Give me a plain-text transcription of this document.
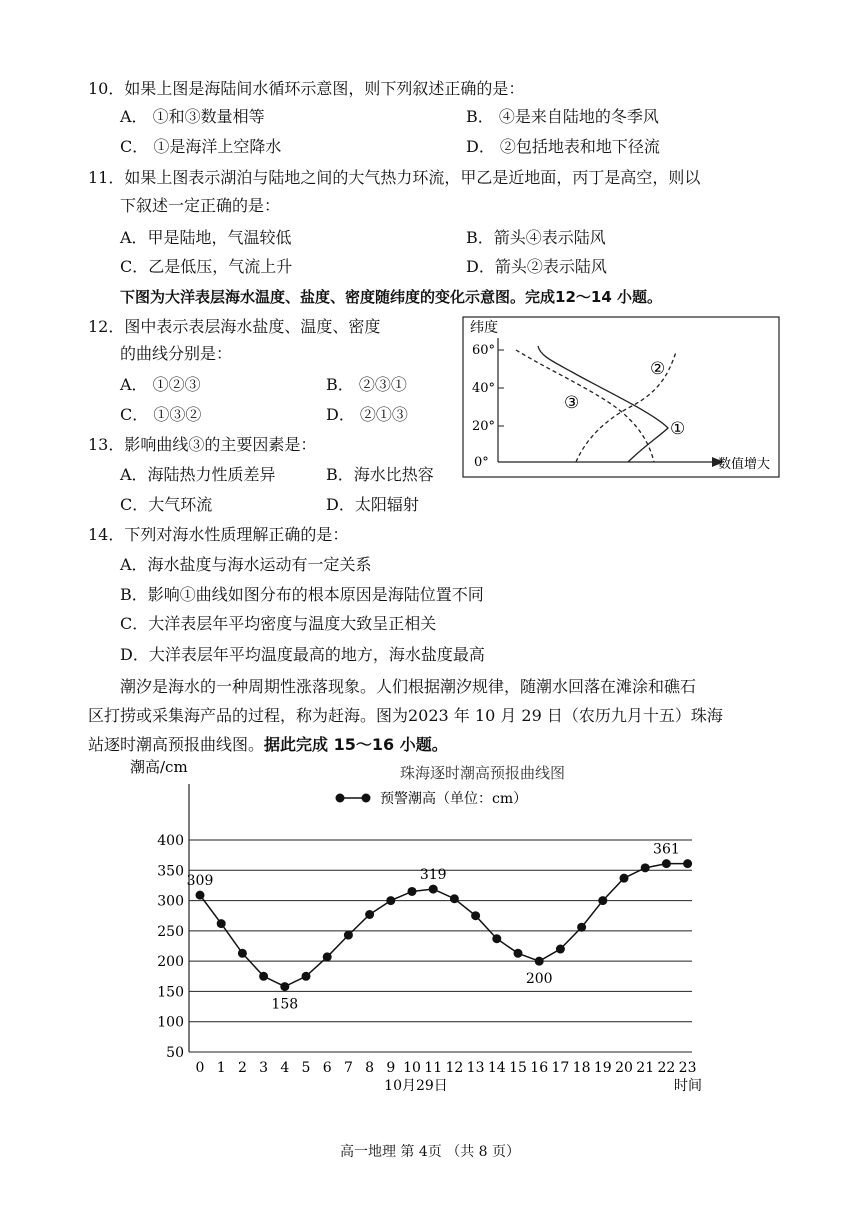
10．如果上图是海陆间水循环示意图，则下列叙述正确的是：
A． ①和③数量相等	B． ④是来自陆地的冬季风
C． ①是海洋上空降水	D． ②包括地表和地下径流
11．如果上图表示湖泊与陆地之间的大气热力环流，甲乙是近地面，丙丁是高空，则以
下叙述一定正确的是：
A．甲是陆地，气温较低	B．箭头④表示陆风
C．乙是低压，气流上升	D．箭头②表示陆风
下图为大洋表层海水温度、盐度、密度随纬度的变化示意图。完成12～14 小题。
12．图中表示表层海水盐度、温度、密度
的曲线分别是：
A． ①②③	B． ②③①
C． ①③②	D． ②①③
13．影响曲线③的主要因素是：
A．海陆热力性质差异	B．海水比热容
C．大气环流	D．太阳辐射
14．下列对海水性质理解正确的是：
A．海水盐度与海水运动有一定关系
B．影响①曲线如图分布的根本原因是海陆位置不同
C．大洋表层年平均密度与温度大致呈正相关
D．大洋表层年平均温度最高的地方，海水盐度最高
潮汐是海水的一种周期性涨落现象。人们根据潮汐规律，随潮水回落在滩涂和礁石
区打捞或采集海产品的过程，称为赶海。图为2023 年 10 月 29 日（农历九月十五）珠海
站逐时潮高预报曲线图。据此完成 15～16 小题。
纬度
60°
40°
20°
0°	数值增大
①
②
③
潮高/cm	珠海逐时潮高预报曲线图
预警潮高（单位：cm）
50
100
150
200
250
300
350
400
0 1 2 3 4 5 6 7 8 9 10 11 12 13 14 15 16 17 18 19 20 21 22 23
309
158
319
200
361
10月29日	时间
高一地理 第 4页 （共 8 页）
